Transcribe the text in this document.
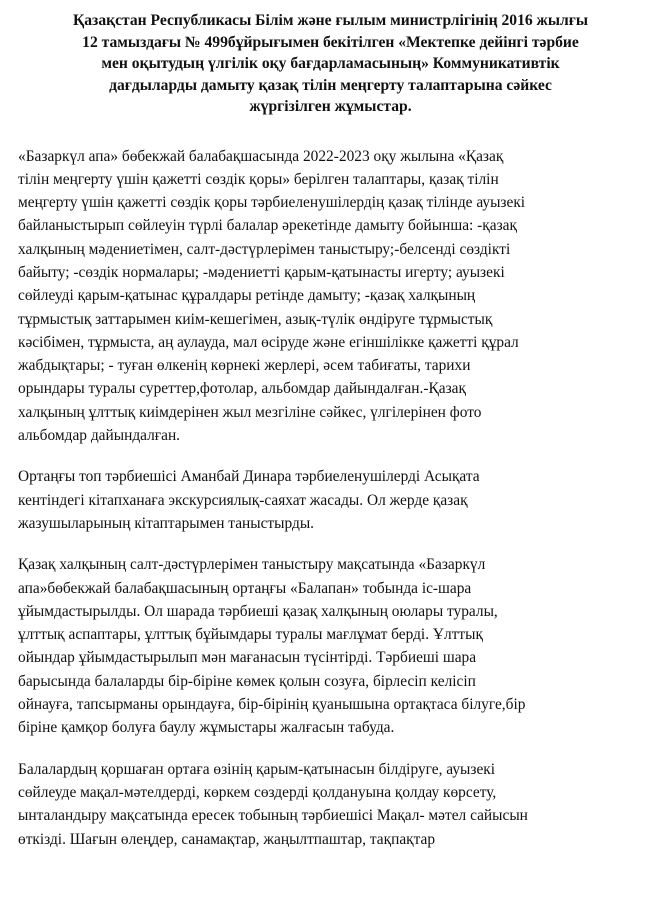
Қазақстан Республикасы Білім және ғылым министрлігінің 2016 жылғы
12 тамыздағы № 499бұйрығымен бекітілген «Мектепке дейінгі тәрбие
мен оқытудың үлгілік оқу бағдарламасының» Коммуникативтік
дағдыларды дамыту қазақ тілін меңгерту талаптарына сәйкес
жүргізілген жұмыстар.
«Базаркүл апа» бөбекжай балабақшасында 2022-2023 оқу жылына «Қазақ
тілін меңгерту үшін қажетті сөздік қоры» берілген талаптары, қазақ тілін
меңгерту үшін қажетті сөздік қоры тәрбиеленушілердің қазақ тілінде ауызекі
байланыстырып сөйлеуін түрлі балалар әрекетінде дамыту бойынша: -қазақ
халқының мәдениетімен, салт-дәстүрлерімен таныстыру;-белсенді сөздікті
байыту; -сөздік нормалары; -мәдениетті қарым-қатынасты игерту; ауызекі
сөйлеуді қарым-қатынас құралдары ретінде дамыту; -қазақ халқының
тұрмыстық заттарымен киім-кешегімен, азық-түлік өндіруге тұрмыстық
кәсібімен, тұрмыста, аң аулауда, мал өсіруде және егіншілікке қажетті құрал
жабдықтары; - туған өлкенің көрнекі жерлері, әсем табиғаты, тарихи
орындары туралы суреттер,фотолар, альбомдар дайындалған.-Қазақ
халқының ұлттық киімдерінен жыл мезгіліне сәйкес, үлгілерінен фото
альбомдар дайындалған.
Ортаңғы топ тәрбиешісі Аманбай Динара тәрбиеленушілерді Асықата
кентіндегі кітапханаға экскурсиялық-саяхат жасады. Ол жерде қазақ
жазушыларының кітаптарымен таныстырды.
Қазақ халқының салт-дәстүрлерімен таныстыру мақсатында «Базаркүл
апа»бөбекжай балабақшасының ортаңғы «Балапан» тобында іс-шара
ұйымдастырылды. Ол шарада тәрбиеші қазақ халқының оюлары туралы,
ұлттық аспаптары, ұлттық бұйымдары туралы мағлұмат берді. Ұлттық
ойындар ұйымдастырылып мән мағанасын түсінтірді. Тәрбиеші шара
барысында балаларды бір-біріне көмек қолын созуға, бірлесіп келісіп
ойнауға, тапсырманы орындауға, бір-бірінің қуанышына ортақтаса білуге,бір
біріне қамқор болуға баулу жұмыстары жалғасын табуда.
Балалардың қоршаған ортаға өзінің қарым-қатынасын білдіруге, ауызекі
сөйлеуде мақал-мәтелдерді, көркем сөздерді қолдануына қолдау көрсету,
ынталандыру мақсатында ересек тобының тәрбиешісі Мақал- мәтел сайысын
өткізді. Шағын өлеңдер, санамақтар, жаңылтпаштар, тақпақтар
